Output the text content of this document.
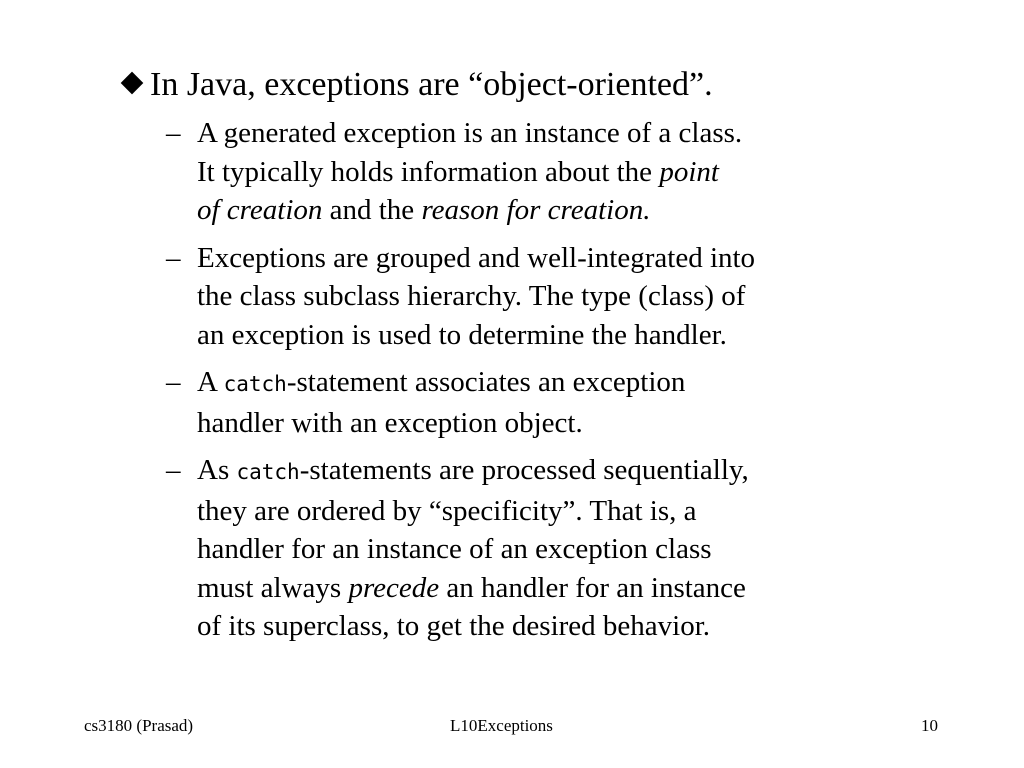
In Java, exceptions are “object-oriented”.
– A generated exception is an instance of a class.
It typically holds information about the point
of creation and the reason for creation.
– Exceptions are grouped and well-integrated into
the class subclass hierarchy. The type (class) of
an exception is used to determine the handler.
– A catch-statement associates an exception
handler with an exception object.
– As catch-statements are processed sequentially,
they are ordered by “specificity”. That is, a
handler for an instance of an exception class
must always precede an handler for an instance
of its superclass, to get the desired behavior.
cs3180 (Prasad)	L10Exceptions	10
